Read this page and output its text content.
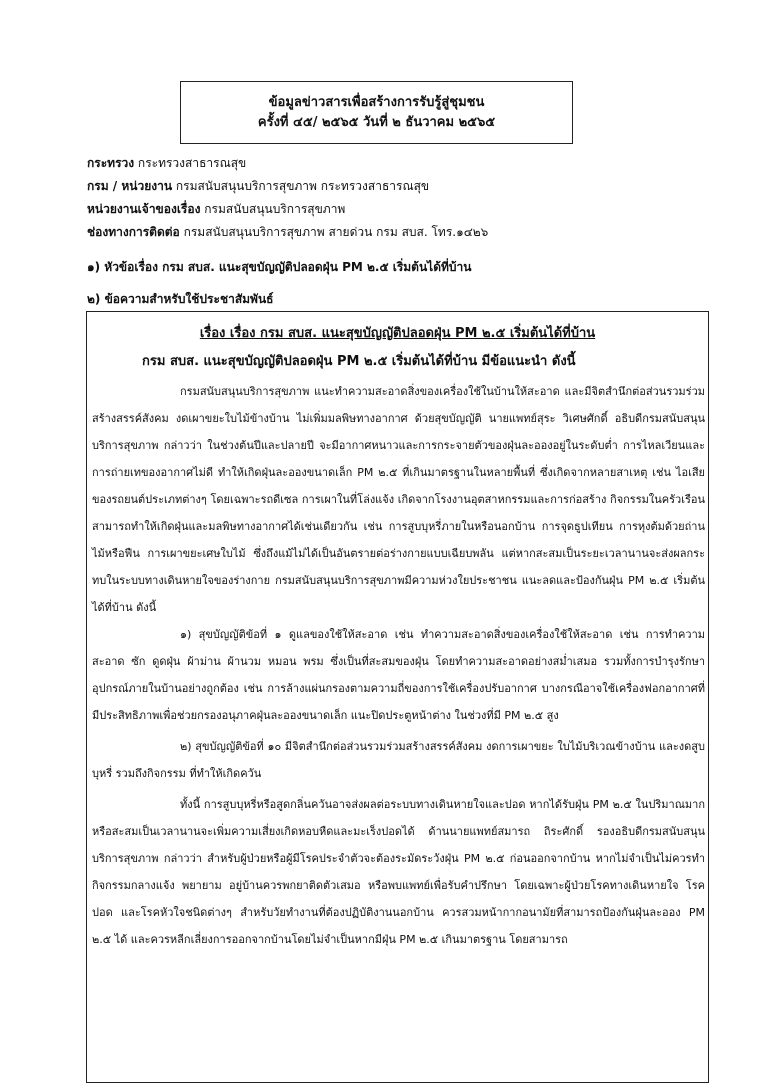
ข้อมูลข่าวสารเพื่อสร้างการรับรู้สู่ชุมชน
ครั้งที่ ๔๕/ ๒๕๖๕ วันที่ ๒ ธันวาคม ๒๕๖๕
กระทรวง กระทรวงสาธารณสุข
กรม / หน่วยงาน กรมสนับสนุนบริการสุขภาพ กระทรวงสาธารณสุข
หน่วยงานเจ้าของเรื่อง กรมสนับสนุนบริการสุขภาพ
ช่องทางการติดต่อ กรมสนับสนุนบริการสุขภาพ สายด่วน กรม สบส. โทร.๑๔๒๖
๑) หัวข้อเรื่อง กรม สบส. แนะสุขบัญญัติปลอดฝุ่น PM ๒.๕ เริ่มต้นได้ที่บ้าน
๒) ข้อความสำหรับใช้ประชาสัมพันธ์
เรื่อง เรื่อง กรม สบส. แนะสุขบัญญัติปลอดฝุ่น PM ๒.๕ เริ่มต้นได้ที่บ้าน
กรม สบส. แนะสุขบัญญัติปลอดฝุ่น PM ๒.๕ เริ่มต้นได้ที่บ้าน มีข้อแนะนำ ดังนี้

กรมสนับสนุนบริการสุขภาพ แนะทำความสะอาดสิ่งของเครื่องใช้ในบ้านให้สะอาด และมีจิตสำนึกต่อส่วนรวมร่วมสร้างสรรค์สังคม งดเผาขยะใบไม้ข้างบ้าน ไม่เพิ่มมลพิษทางอากาศ ด้วยสุขบัญญัติ นายแพทย์สุระ วิเศษศักดิ์ อธิบดีกรมสนับสนุนบริการสุขภาพ กล่าวว่า ในช่วงต้นปีและปลายปี จะมีอากาศหนาวและการกระจายตัวของฝุ่นละอองอยู่ในระดับต่ำ การไหลเวียนและการถ่ายเทของอากาศไม่ดี ทำให้เกิดฝุ่นละอองขนาดเล็ก PM ๒.๕ ที่เกินมาตรฐานในหลายพื้นที่ ซึ่งเกิดจากหลายสาเหตุ เช่น ไอเสียของรถยนต์ประเภทต่างๆ โดยเฉพาะรถดีเซล การเผาในที่โล่งแจ้ง เกิดจากโรงงานอุตสาหกรรมและการก่อสร้าง กิจกรรมในครัวเรือนสามารถทำให้เกิดฝุ่นและมลพิษทางอากาศได้เช่นเดียวกัน เช่น การสูบบุหรี่ภายในหรือนอกบ้าน การจุดธูปเทียน การหุงต้มด้วยถ่านไม้หรือฟืน การเผาขยะเศษใบไม้ ซึ่งถึงแม้ไม่ได้เป็นอันตรายต่อร่างกายแบบเฉียบพลัน แต่หากสะสมเป็นระยะเวลานานจะส่งผลกระทบในระบบทางเดินหายใจของร่างกาย กรมสนับสนุนบริการสุขภาพมีความห่วงใยประชาชน แนะลดและป้องกันฝุ่น PM ๒.๕ เริ่มต้นได้ที่บ้าน ดังนี้

๑) สุขบัญญัติข้อที่ ๑ ดูแลของใช้ให้สะอาด เช่น ทำความสะอาดสิ่งของเครื่องใช้ให้สะอาด เช่น การทำความสะอาด ซัก ดูดฝุ่น ผ้าม่าน ผ้านวม หมอน พรม ซึ่งเป็นที่สะสมของฝุ่น โดยทำความสะอาดอย่างสม่ำเสมอ รวมทั้งการบำรุงรักษา อุปกรณ์ภายในบ้านอย่างถูกต้อง เช่น การล้างแผ่นกรองตามความถี่ของการใช้เครื่องปรับอากาศ บางกรณีอาจใช้เครื่องฟอกอากาศที่มีประสิทธิภาพเพื่อช่วยกรองอนุภาคฝุ่นละอองขนาดเล็ก แนะปิดประตูหน้าต่าง ในช่วงที่มี PM ๒.๕ สูง

๒) สุขบัญญัติข้อที่ ๑๐ มีจิตสำนึกต่อส่วนรวมร่วมสร้างสรรค์สังคม งดการเผาขยะ ใบไม้บริเวณข้างบ้าน และงดสูบบุหรี่ รวมถึงกิจกรรม ที่ทำให้เกิดควัน

ทั้งนี้ การสูบบุหรี่หรือสูดกลิ่นควันอาจส่งผลต่อระบบทางเดินหายใจและปอด หากได้รับฝุ่น PM ๒.๕ ในปริมาณมากหรือสะสมเป็นเวลานานจะเพิ่มความเสี่ยงเกิดหอบหืดและมะเร็งปอดได้ ด้านนายแพทย์สมารถ ถิระศักดิ์ รองอธิบดีกรมสนับสนุนบริการสุขภาพ กล่าวว่า สำหรับผู้ป่วยหรือผู้มีโรคประจำตัวจะต้องระมัดระวังฝุ่น PM ๒.๕ ก่อนออกจากบ้าน หากไม่จำเป็นไม่ควรทำกิจกรรมกลางแจ้ง พยายาม อยู่บ้านควรพกยาติดตัวเสมอ หรือพบแพทย์เพื่อรับคำปรึกษา โดยเฉพาะผู้ป่วยโรคทางเดินหายใจ โรคปอด และโรคหัวใจชนิดต่างๆ สำหรับวัยทำงานที่ต้องปฏิบัติงานนอกบ้าน ควรสวมหน้ากากอนามัยที่สามารถป้องกันฝุ่นละออง PM ๒.๕ ได้ และควรหลีกเลี่ยงการออกจากบ้านโดยไม่จำเป็นหากมีฝุ่น PM ๒.๕ เกินมาตรฐาน โดยสามารถ
